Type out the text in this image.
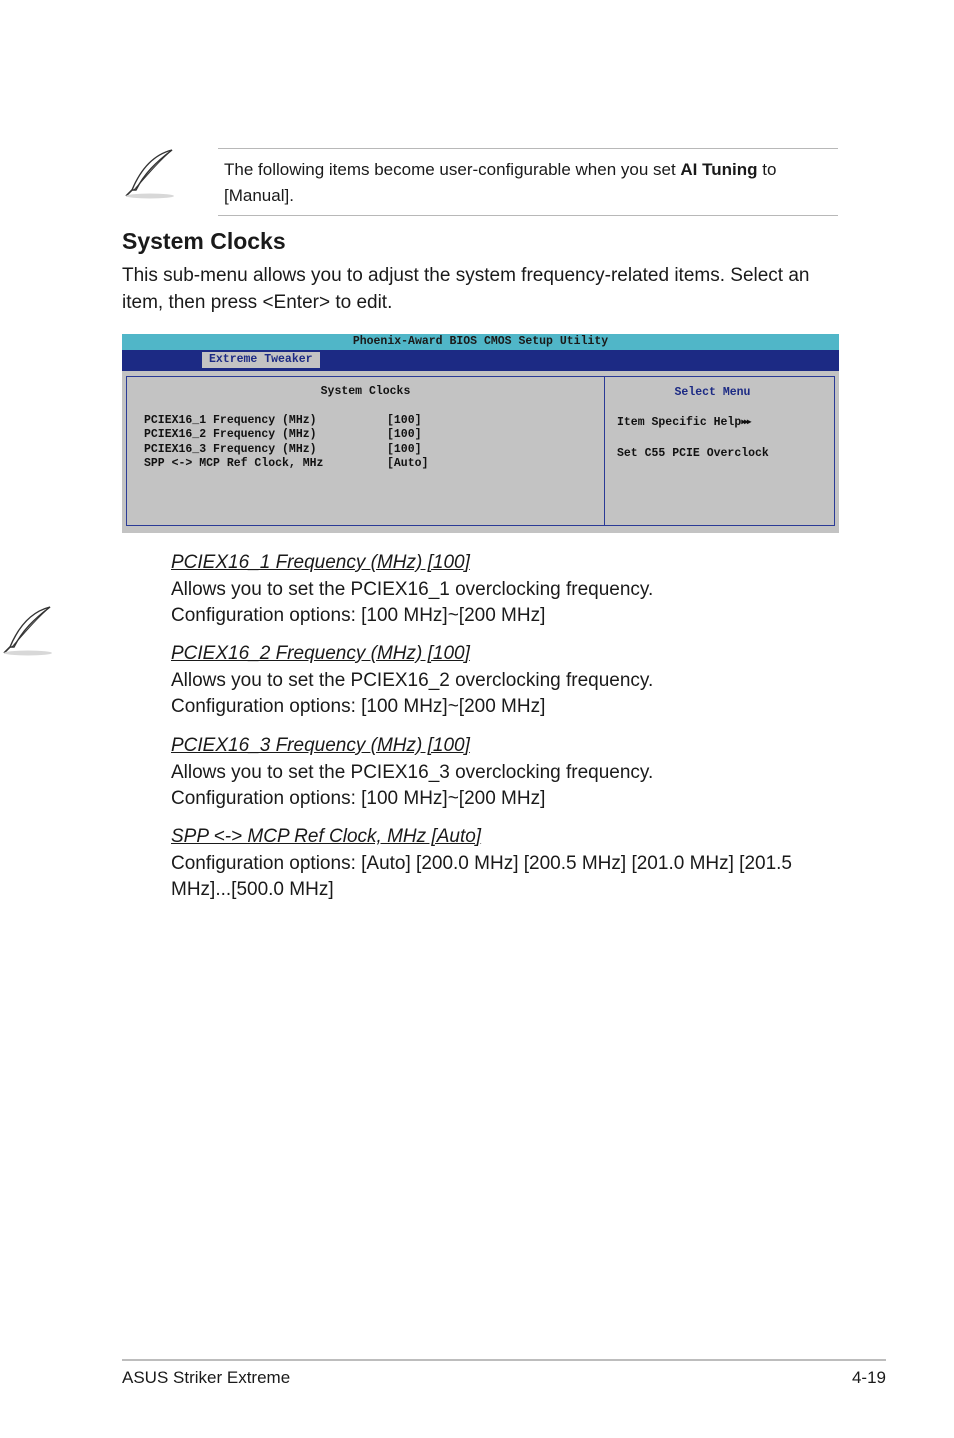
The following items become user-configurable when you set AI Tuning to [Manual].
System Clocks
This sub-menu allows you to adjust the system frequency-related items. Select an item, then press <Enter> to edit.
Phoenix-Award BIOS CMOS Setup Utility
Extreme Tweaker
System Clocks
PCIEX16_1 Frequency (MHz)	[100]
PCIEX16_2 Frequency (MHz)	[100]
PCIEX16_3 Frequency (MHz)	[100]
SPP <-> MCP Ref Clock, MHz	[Auto]
Select Menu
Item Specific Help▶▶▶
Set C55 PCIE Overclock
PCIEX16_1 Frequency (MHz) [100]
Allows you to set the PCIEX16_1 overclocking frequency.
Configuration options: [100 MHz]~[200 MHz]
PCIEX16_2 Frequency (MHz) [100]
Allows you to set the PCIEX16_2 overclocking frequency.
Configuration options: [100 MHz]~[200 MHz]
PCIEX16_3 Frequency (MHz) [100]
Allows you to set the PCIEX16_3 overclocking frequency.
Configuration options: [100 MHz]~[200 MHz]
SPP <-> MCP Ref Clock, MHz [Auto]
Configuration options: [Auto] [200.0 MHz] [200.5 MHz] [201.0 MHz] [201.5
MHz]...[500.0 MHz]
ASUS Striker Extreme	4-19
